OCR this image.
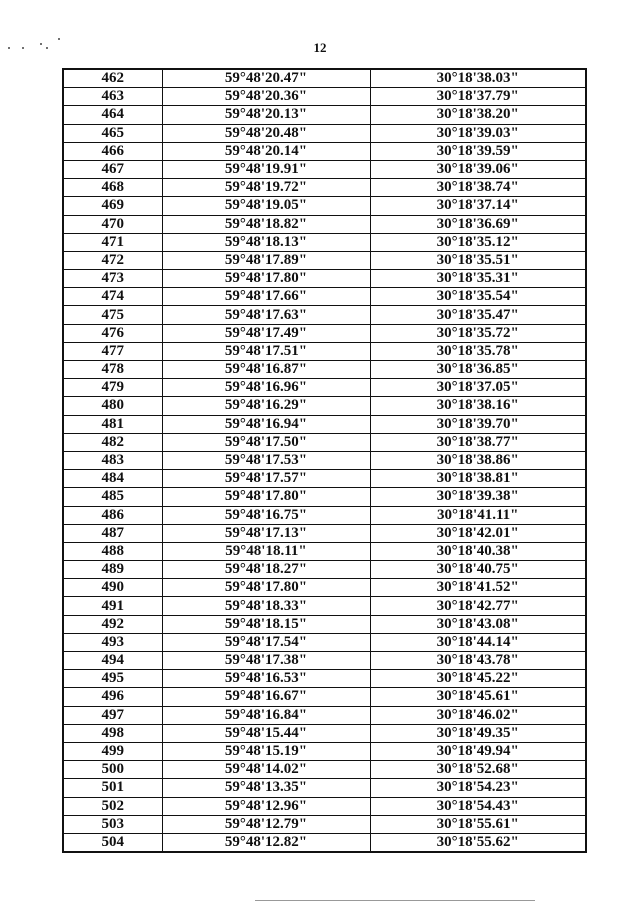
12
462	59°48'20.47"	30°18'38.03"
463	59°48'20.36"	30°18'37.79"
464	59°48'20.13"	30°18'38.20"
465	59°48'20.48"	30°18'39.03"
466	59°48'20.14"	30°18'39.59"
467	59°48'19.91"	30°18'39.06"
468	59°48'19.72"	30°18'38.74"
469	59°48'19.05"	30°18'37.14"
470	59°48'18.82"	30°18'36.69"
471	59°48'18.13"	30°18'35.12"
472	59°48'17.89"	30°18'35.51"
473	59°48'17.80"	30°18'35.31"
474	59°48'17.66"	30°18'35.54"
475	59°48'17.63"	30°18'35.47"
476	59°48'17.49"	30°18'35.72"
477	59°48'17.51"	30°18'35.78"
478	59°48'16.87"	30°18'36.85"
479	59°48'16.96"	30°18'37.05"
480	59°48'16.29"	30°18'38.16"
481	59°48'16.94"	30°18'39.70"
482	59°48'17.50"	30°18'38.77"
483	59°48'17.53"	30°18'38.86"
484	59°48'17.57"	30°18'38.81"
485	59°48'17.80"	30°18'39.38"
486	59°48'16.75"	30°18'41.11"
487	59°48'17.13"	30°18'42.01"
488	59°48'18.11"	30°18'40.38"
489	59°48'18.27"	30°18'40.75"
490	59°48'17.80"	30°18'41.52"
491	59°48'18.33"	30°18'42.77"
492	59°48'18.15"	30°18'43.08"
493	59°48'17.54"	30°18'44.14"
494	59°48'17.38"	30°18'43.78"
495	59°48'16.53"	30°18'45.22"
496	59°48'16.67"	30°18'45.61"
497	59°48'16.84"	30°18'46.02"
498	59°48'15.44"	30°18'49.35"
499	59°48'15.19"	30°18'49.94"
500	59°48'14.02"	30°18'52.68"
501	59°48'13.35"	30°18'54.23"
502	59°48'12.96"	30°18'54.43"
503	59°48'12.79"	30°18'55.61"
504	59°48'12.82"	30°18'55.62"
